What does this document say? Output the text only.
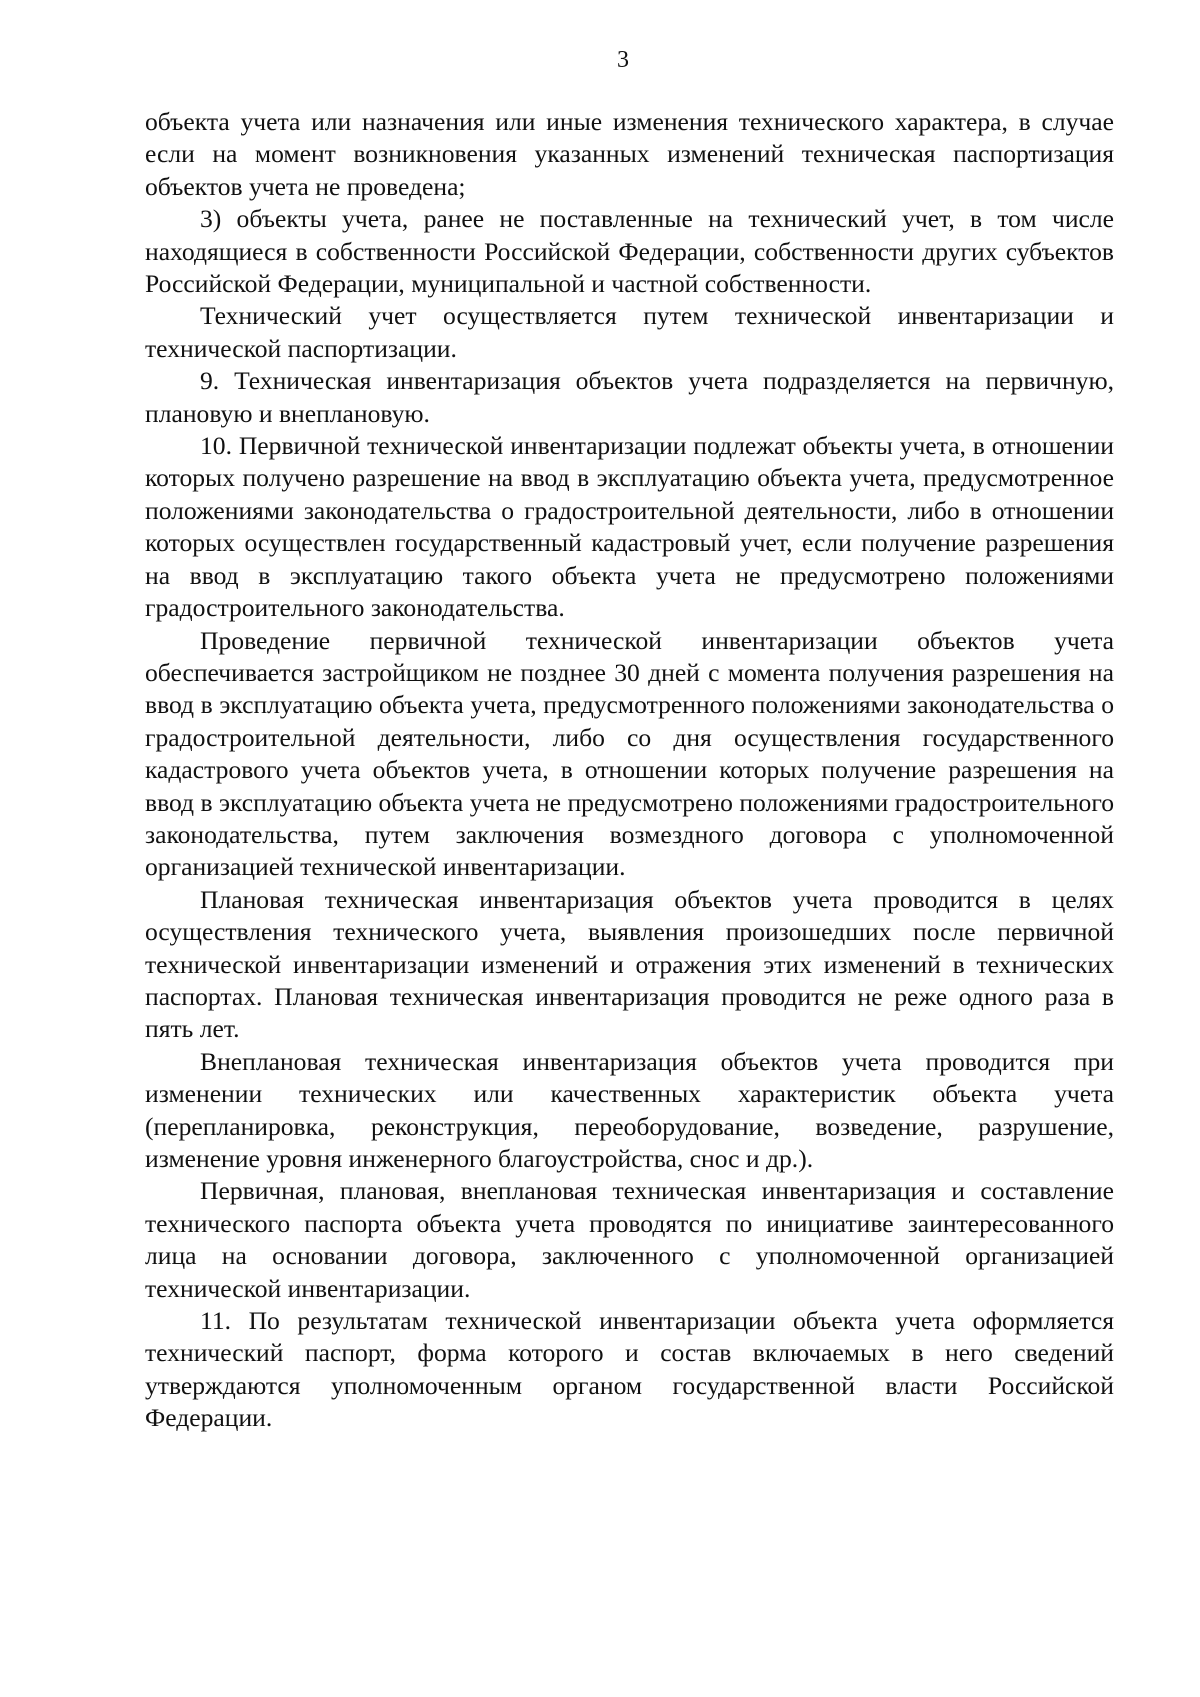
3

объекта учета или назначения или иные изменения технического характера, в случае если на момент возникновения указанных изменений техническая паспортизация объектов учета не проведена;

3) объекты учета, ранее не поставленные на технический учет, в том числе находящиеся в собственности Российской Федерации, собственности других субъектов Российской Федерации, муниципальной и частной собственности.

Технический учет осуществляется путем технической инвентаризации и технической паспортизации.

9. Техническая инвентаризация объектов учета подразделяется на первичную, плановую и внеплановую.

10. Первичной технической инвентаризации подлежат объекты учета, в отношении которых получено разрешение на ввод в эксплуатацию объекта учета, предусмотренное положениями законодательства о градостроительной деятельности, либо в отношении которых осуществлен государственный кадастровый учет, если получение разрешения на ввод в эксплуатацию такого объекта учета не предусмотрено положениями градостроительного законодательства.

Проведение первичной технической инвентаризации объектов учета обеспечивается застройщиком не позднее 30 дней с момента получения разрешения на ввод в эксплуатацию объекта учета, предусмотренного положениями законодательства о градостроительной деятельности, либо со дня осуществления государственного кадастрового учета объектов учета, в отношении которых получение разрешения на ввод в эксплуатацию объекта учета не предусмотрено положениями градостроительного законодательства, путем заключения возмездного договора с уполномоченной организацией технической инвентаризации.

Плановая техническая инвентаризация объектов учета проводится в целях осуществления технического учета, выявления произошедших после первичной технической инвентаризации изменений и отражения этих изменений в технических паспортах. Плановая техническая инвентаризация проводится не реже одного раза в пять лет.

Внеплановая техническая инвентаризация объектов учета проводится при изменении технических или качественных характеристик объекта учета (перепланировка, реконструкция, переоборудование, возведение, разрушение, изменение уровня инженерного благоустройства, снос и др.).

Первичная, плановая, внеплановая техническая инвентаризация и составление технического паспорта объекта учета проводятся по инициативе заинтересованного лица на основании договора, заключенного с уполномоченной организацией технической инвентаризации.

11. По результатам технической инвентаризации объекта учета оформляется технический паспорт, форма которого и состав включаемых в него сведений утверждаются уполномоченным органом государственной власти Российской Федерации.
